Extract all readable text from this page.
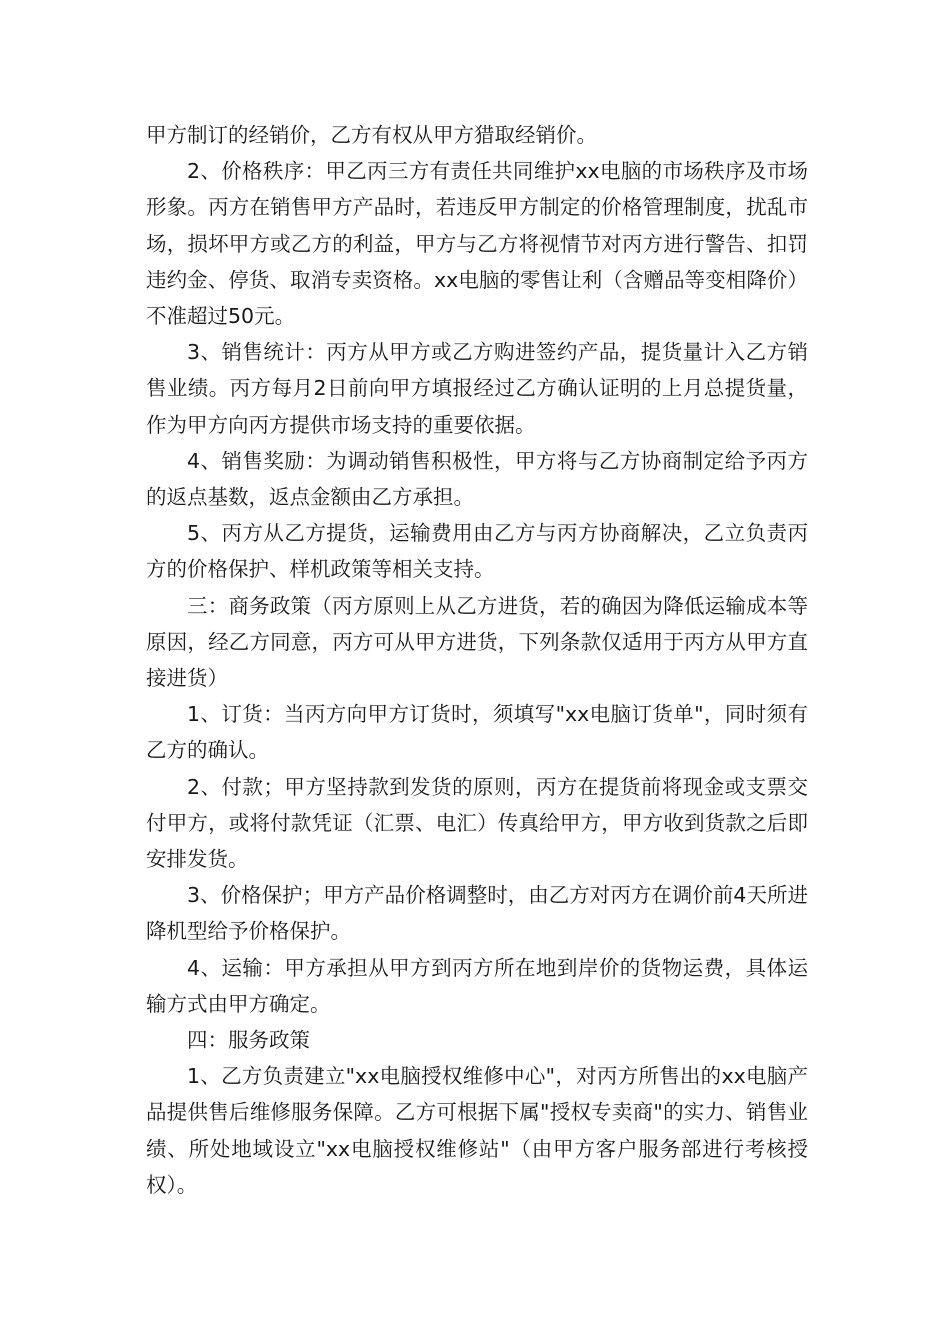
甲方制订的经销价，乙方有权从甲方猎取经销价。

2、价格秩序：甲乙丙三方有责任共同维护xx电脑的市场秩序及市场形象。丙方在销售甲方产品时，若违反甲方制定的价格管理制度，扰乱市场，损坏甲方或乙方的利益，甲方与乙方将视情节对丙方进行警告、扣罚违约金、停货、取消专卖资格。xx电脑的零售让利（含赠品等变相降价）不准超过50元。

3、销售统计：丙方从甲方或乙方购进签约产品，提货量计入乙方销售业绩。丙方每月2日前向甲方填报经过乙方确认证明的上月总提货量，作为甲方向丙方提供市场支持的重要依据。

4、销售奖励：为调动销售积极性，甲方将与乙方协商制定给予丙方的返点基数，返点金额由乙方承担。

5、丙方从乙方提货，运输费用由乙方与丙方协商解决，乙立负责丙方的价格保护、样机政策等相关支持。

三：商务政策（丙方原则上从乙方进货，若的确因为降低运输成本等原因，经乙方同意，丙方可从甲方进货，下列条款仅适用于丙方从甲方直接进货）

1、订货：当丙方向甲方订货时，须填写"xx电脑订货单"，同时须有乙方的确认。

2、付款；甲方坚持款到发货的原则，丙方在提货前将现金或支票交付甲方，或将付款凭证（汇票、电汇）传真给甲方，甲方收到货款之后即安排发货。

3、价格保护；甲方产品价格调整时，由乙方对丙方在调价前4天所进降机型给予价格保护。

4、运输：甲方承担从甲方到丙方所在地到岸价的货物运费，具体运输方式由甲方确定。

四：服务政策

1、乙方负责建立"xx电脑授权维修中心"，对丙方所售出的xx电脑产品提供售后维修服务保障。乙方可根据下属"授权专卖商"的实力、销售业绩、所处地域设立"xx电脑授权维修站"（由甲方客户服务部进行考核授权）。
